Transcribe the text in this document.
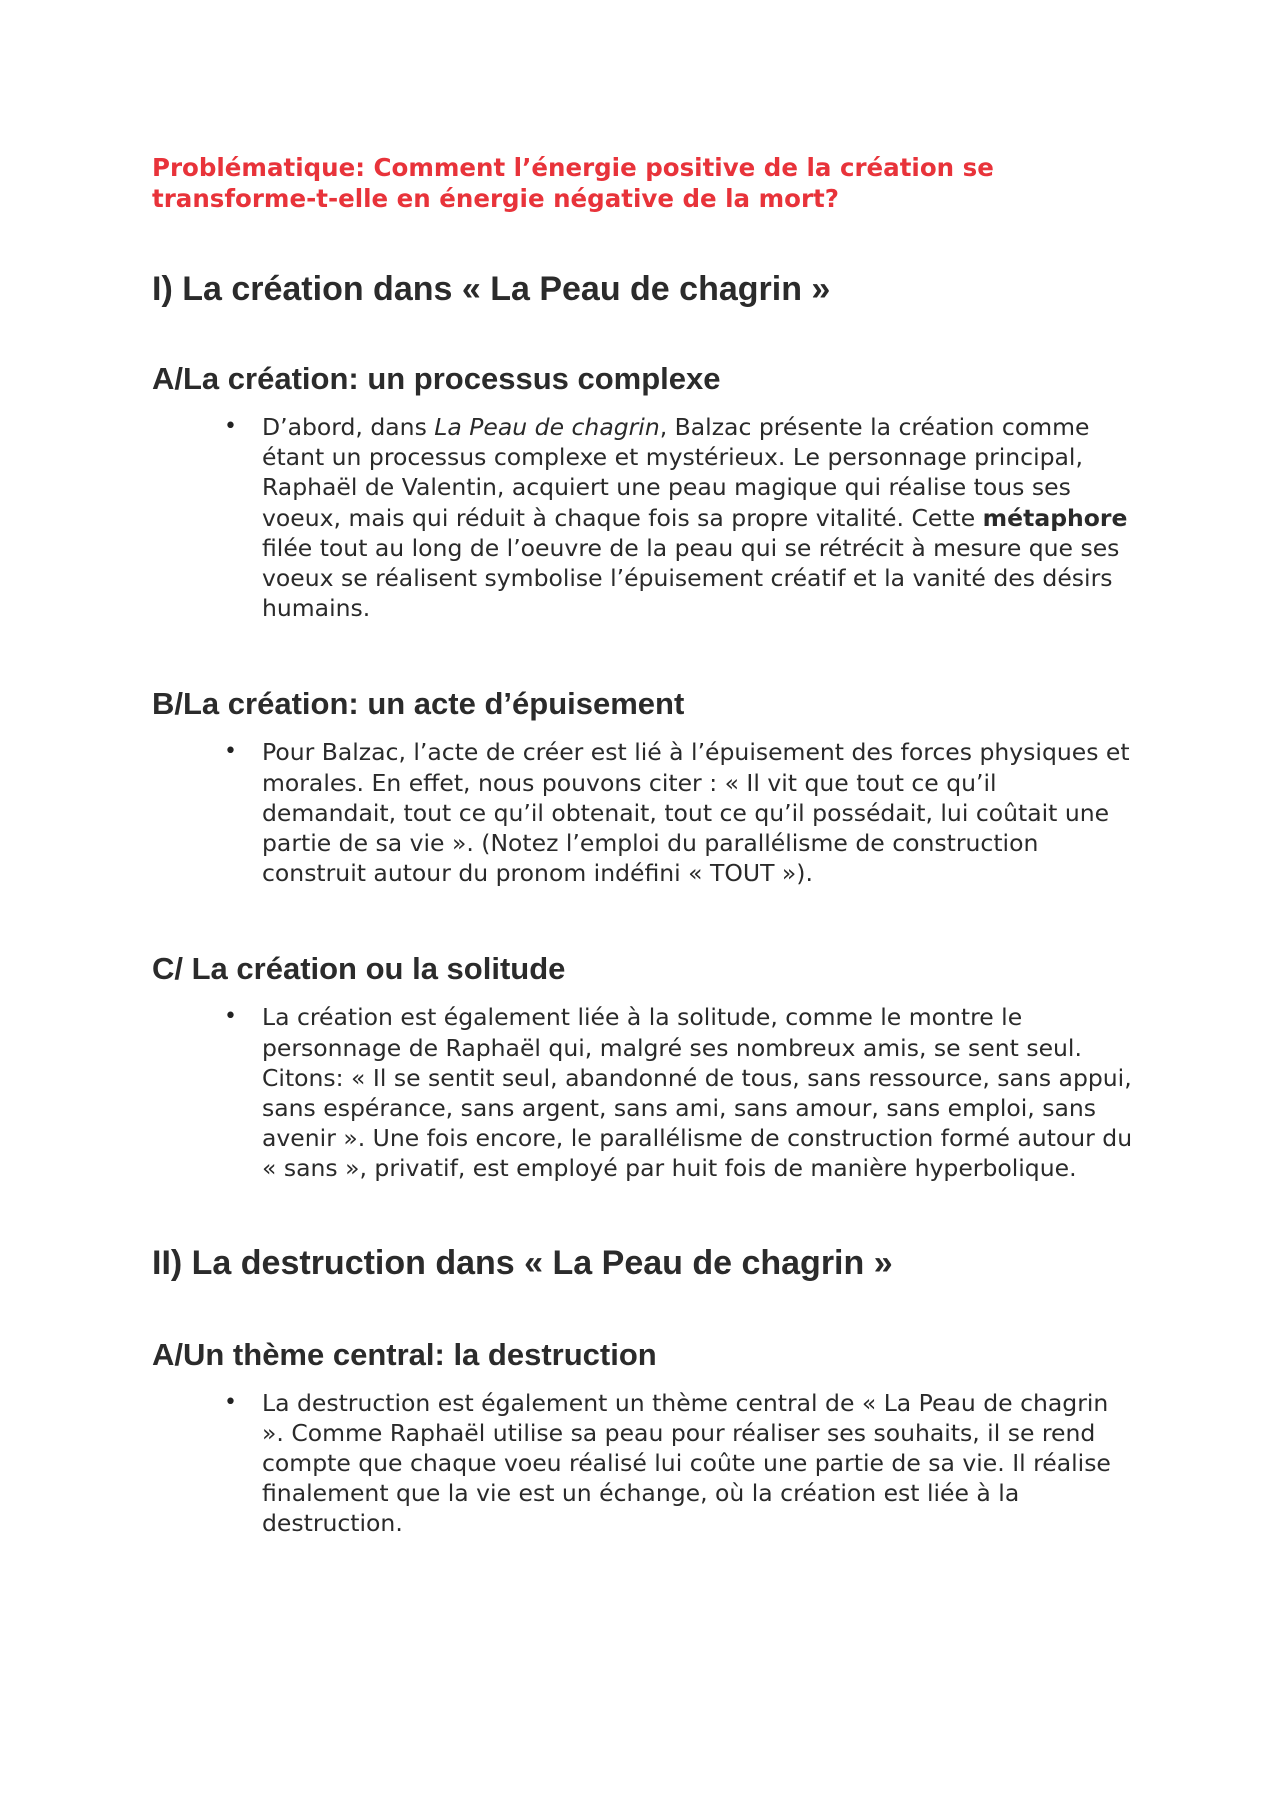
Problématique: Comment l’énergie positive de la création se transforme-t-elle en énergie négative de la mort?

I) La création dans « La Peau de chagrin »
A/La création: un processus complexe
• D’abord, dans La Peau de chagrin, Balzac présente la création comme étant un processus complexe et mystérieux. Le personnage principal, Raphaël de Valentin, acquiert une peau magique qui réalise tous ses voeux, mais qui réduit à chaque fois sa propre vitalité. Cette métaphore filée tout au long de l’oeuvre de la peau qui se rétrécit à mesure que ses voeux se réalisent symbolise l’épuisement créatif et la vanité des désirs humains.

B/La création: un acte d’épuisement
• Pour Balzac, l’acte de créer est lié à l’épuisement des forces physiques et morales. En effet, nous pouvons citer : « Il vit que tout ce qu’il demandait, tout ce qu’il obtenait, tout ce qu’il possédait, lui coûtait une partie de sa vie ». (Notez l’emploi du parallélisme de construction construit autour du pronom indéfini « TOUT »).

C/ La création ou la solitude
• La création est également liée à la solitude, comme le montre le personnage de Raphaël qui, malgré ses nombreux amis, se sent seul. Citons: « Il se sentit seul, abandonné de tous, sans ressource, sans appui, sans espérance, sans argent, sans ami, sans amour, sans emploi, sans avenir ». Une fois encore, le parallélisme de construction formé autour du « sans », privatif, est employé par huit fois de manière hyperbolique.

II) La destruction dans « La Peau de chagrin »
A/Un thème central: la destruction
• La destruction est également un thème central de « La Peau de chagrin ». Comme Raphaël utilise sa peau pour réaliser ses souhaits, il se rend compte que chaque voeu réalisé lui coûte une partie de sa vie. Il réalise finalement que la vie est un échange, où la création est liée à la destruction.
